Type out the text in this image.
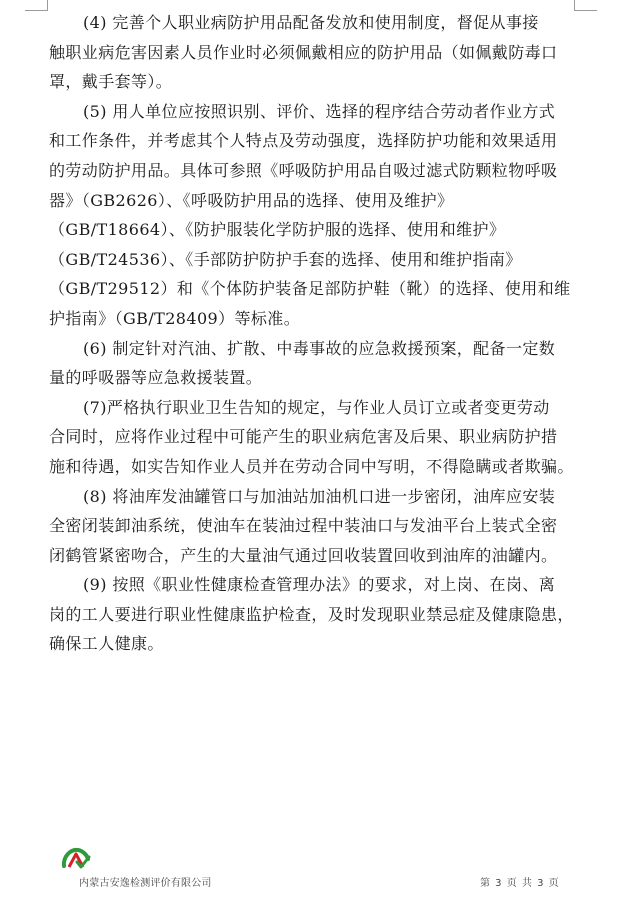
(4) 完善个人职业病防护用品配备发放和使用制度，督促从事接
触职业病危害因素人员作业时必须佩戴相应的防护用品（如佩戴防毒口
罩，戴手套等）。

(5) 用人单位应按照识别、评价、选择的程序结合劳动者作业方式
和工作条件，并考虑其个人特点及劳动强度，选择防护功能和效果适用
的劳动防护用品。具体可参照《呼吸防护用品自吸过滤式防颗粒物呼吸
器》（GB2626）、《呼吸防护用品的选择、使用及维护》
（GB/T18664）、《防护服装化学防护服的选择、使用和维护》
（GB/T24536）、《手部防护防护手套的选择、使用和维护指南》
（GB/T29512）和《个体防护装备足部防护鞋（靴）的选择、使用和维
护指南》（GB/T28409）等标准。

(6) 制定针对汽油、扩散、中毒事故的应急救援预案，配备一定数
量的呼吸器等应急救援装置。

(7)严格执行职业卫生告知的规定，与作业人员订立或者变更劳动
合同时，应将作业过程中可能产生的职业病危害及后果、职业病防护措
施和待遇，如实告知作业人员并在劳动合同中写明，不得隐瞒或者欺骗。

(8) 将油库发油罐管口与加油站加油机口进一步密闭，油库应安装
全密闭装卸油系统，使油车在装油过程中装油口与发油平台上装式全密
闭鹤管紧密吻合，产生的大量油气通过回收装置回收到油库的油罐内。

(9) 按照《职业性健康检查管理办法》的要求，对上岗、在岗、离
岗的工人要进行职业性健康监护检查，及时发现职业禁忌症及健康隐患，
确保工人健康。

内蒙古安逸检测评价有限公司	第 3 页 共 3 页
